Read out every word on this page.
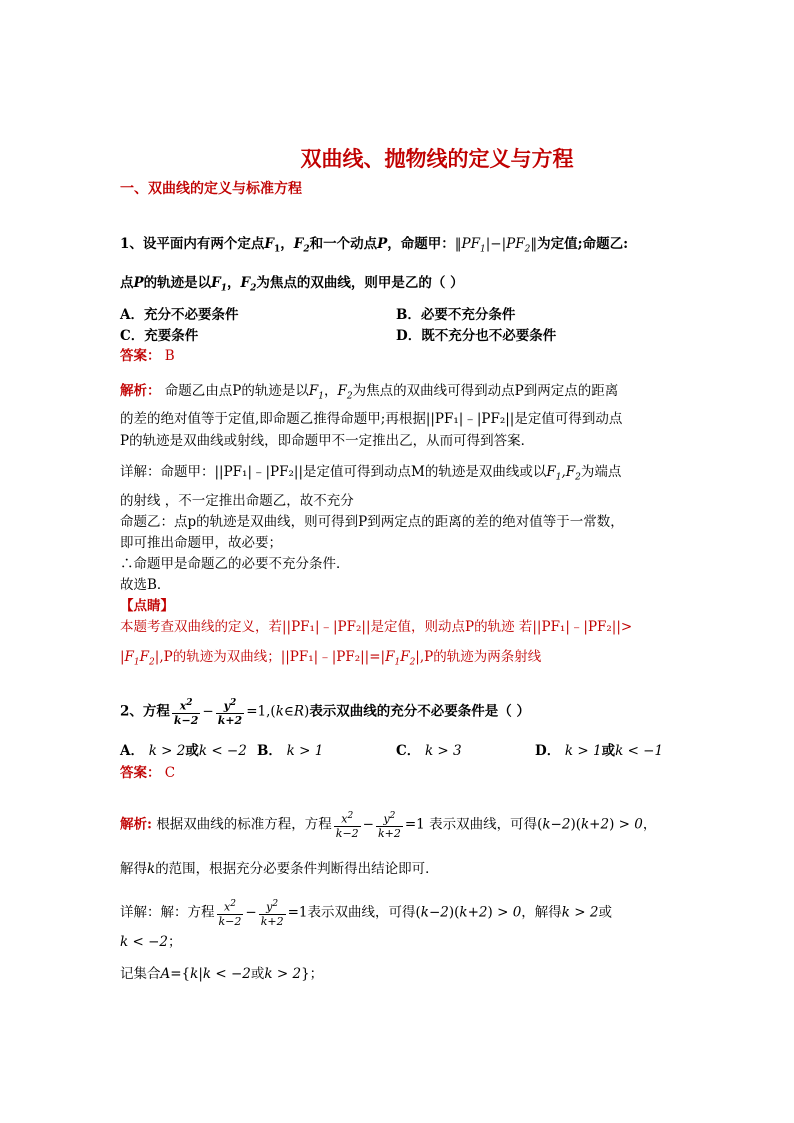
双曲线、抛物线的定义与方程
一、双曲线的定义与标准方程
1、设平面内有两个定点$F_1$，$F_2$和一个动点P，命题甲：$‖PF_1|-|PF_2‖$为定值;命题乙:
点P的轨迹是以$F_1$，$F_2$为焦点的双曲线，则甲是乙的（ ）
A．充分不必要条件	B．必要不充分条件
C．充要条件	D．既不充分也不必要条件
答案： B
解析： 命题乙由点P的轨迹是以$F_1$，$F_2$为焦点的双曲线可得到动点P到两定点的距离
的差的绝对值等于定值,即命题乙推得命题甲;再根据||PF₁|﹣|PF₂||是定值可得到动点
P的轨迹是双曲线或射线，即命题甲不一定推出乙，从而可得到答案．
详解：命题甲：||PF₁|﹣|PF₂||是定值可得到动点M的轨迹是双曲线或以$F_1,F_2$为端点
的射线 ，不一定推出命题乙，故不充分
命题乙：点p的轨迹是双曲线，则可得到P到两定点的距离的差的绝对值等于一常数，
即可推出命题甲，故必要；
∴命题甲是命题乙的必要不充分条件．
故选B．
【点睛】
本题考查双曲线的定义，若||PF₁|﹣|PF₂||是定值，则动点P的轨迹 若||PF₁|﹣|PF₂||>
$|F_1F_2|,P$的轨迹为双曲线；$||PF_1|﹣|PF_2||=|F_1F_2|,P$的轨迹为两条射线
2、方程 $\frac{x^2}{k-2} - \frac{y^2}{k+2}$ =1,(k∈R)表示双曲线的充分不必要条件是（ ）
A． k > 2或k < −2 B． k > 1	C． k > 3	D． k > 1或k < −1
答案： C
解析: 根据双曲线的标准方程，方程 $\frac{x^2}{k-2} - \frac{y^2}{k+2} =1$ 表示双曲线，可得(k−2)(k+2) > 0，
解得k的范围，根据充分必要条件判断得出结论即可．
详解：解：方程 $\frac{x^2}{k-2} - \frac{y^2}{k+2} =1$表示双曲线，可得(k−2)(k+2) > 0，解得k > 2或
k < −2；
记集合A={k|k < −2或k > 2}；
